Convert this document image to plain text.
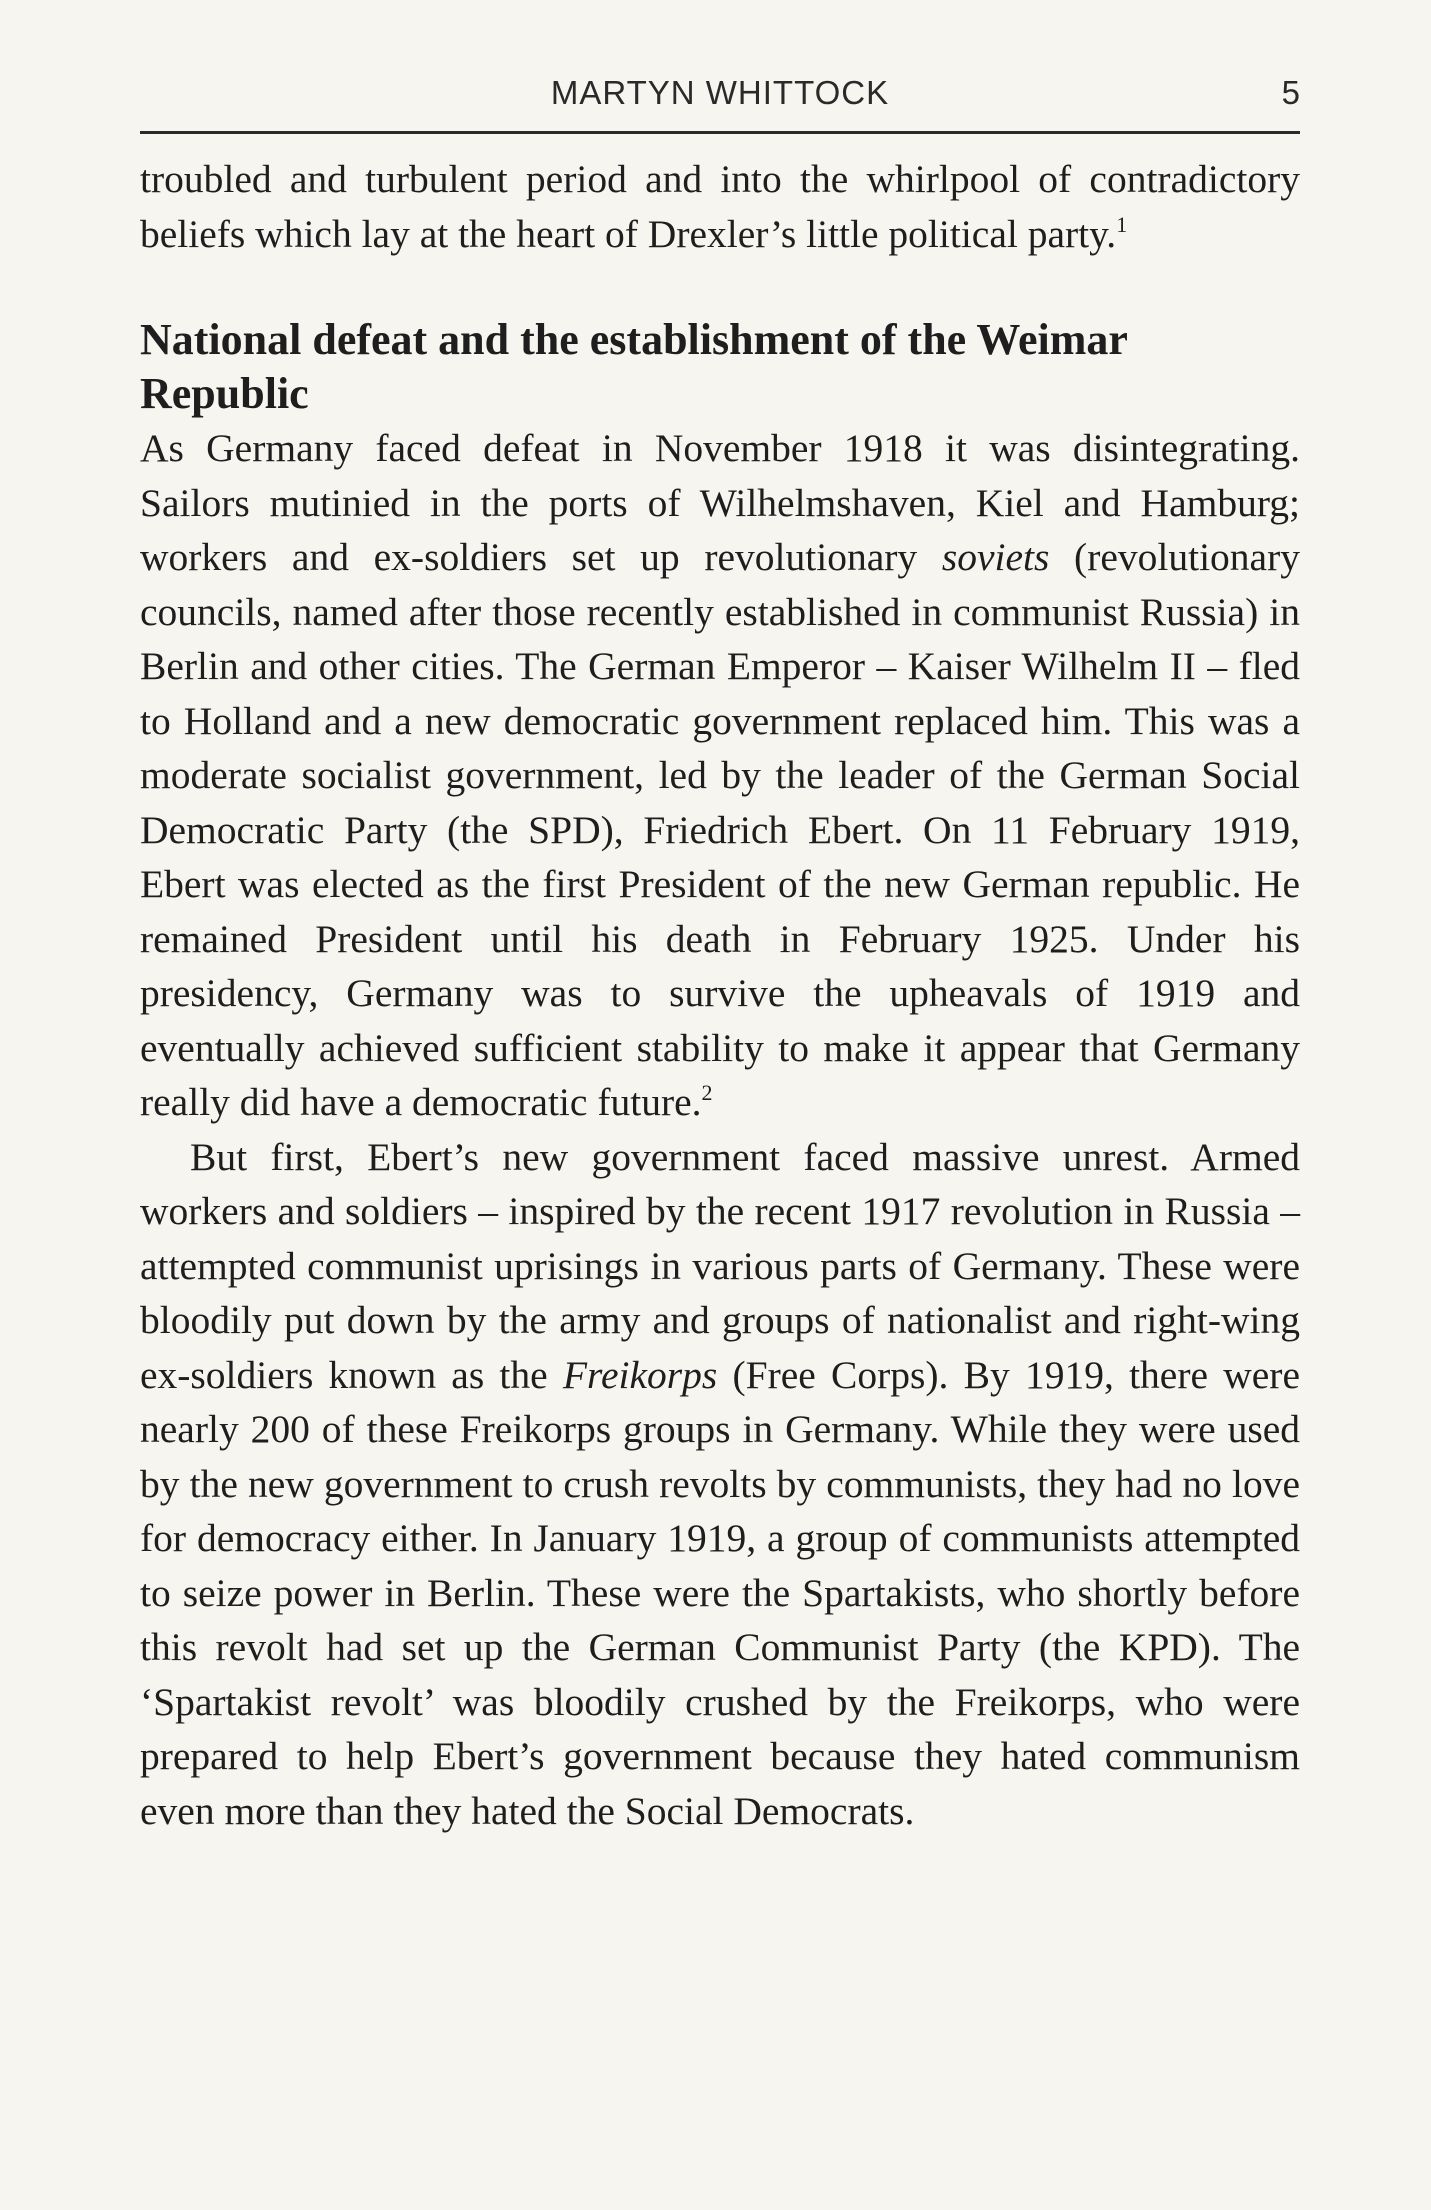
MARTYN WHITTOCK	5

troubled and turbulent period and into the whirlpool of contradictory beliefs which lay at the heart of Drexler’s little political party.$^1$

National defeat and the establishment of the Weimar Republic

As Germany faced defeat in November 1918 it was disintegrating. Sailors mutinied in the ports of Wilhelmshaven, Kiel and Hamburg; workers and ex-soldiers set up revolutionary soviets (revolutionary councils, named after those recently established in communist Russia) in Berlin and other cities. The German Emperor – Kaiser Wilhelm II – fled to Holland and a new democratic government replaced him. This was a moderate socialist government, led by the leader of the German Social Democratic Party (the SPD), Friedrich Ebert. On 11 February 1919, Ebert was elected as the first President of the new German republic. He remained President until his death in February 1925. Under his presidency, Germany was to survive the upheavals of 1919 and eventually achieved sufficient stability to make it appear that Germany really did have a democratic future.$^2$

But first, Ebert’s new government faced massive unrest. Armed workers and soldiers – inspired by the recent 1917 revolution in Russia – attempted communist uprisings in various parts of Germany. These were bloodily put down by the army and groups of nationalist and right-wing ex-soldiers known as the Freikorps (Free Corps). By 1919, there were nearly 200 of these Freikorps groups in Germany. While they were used by the new government to crush revolts by communists, they had no love for democracy either. In January 1919, a group of communists attempted to seize power in Berlin. These were the Spartakists, who shortly before this revolt had set up the German Communist Party (the KPD). The ‘Spartakist revolt’ was bloodily crushed by the Freikorps, who were prepared to help Ebert’s government because they hated communism even more than they hated the Social Democrats.
